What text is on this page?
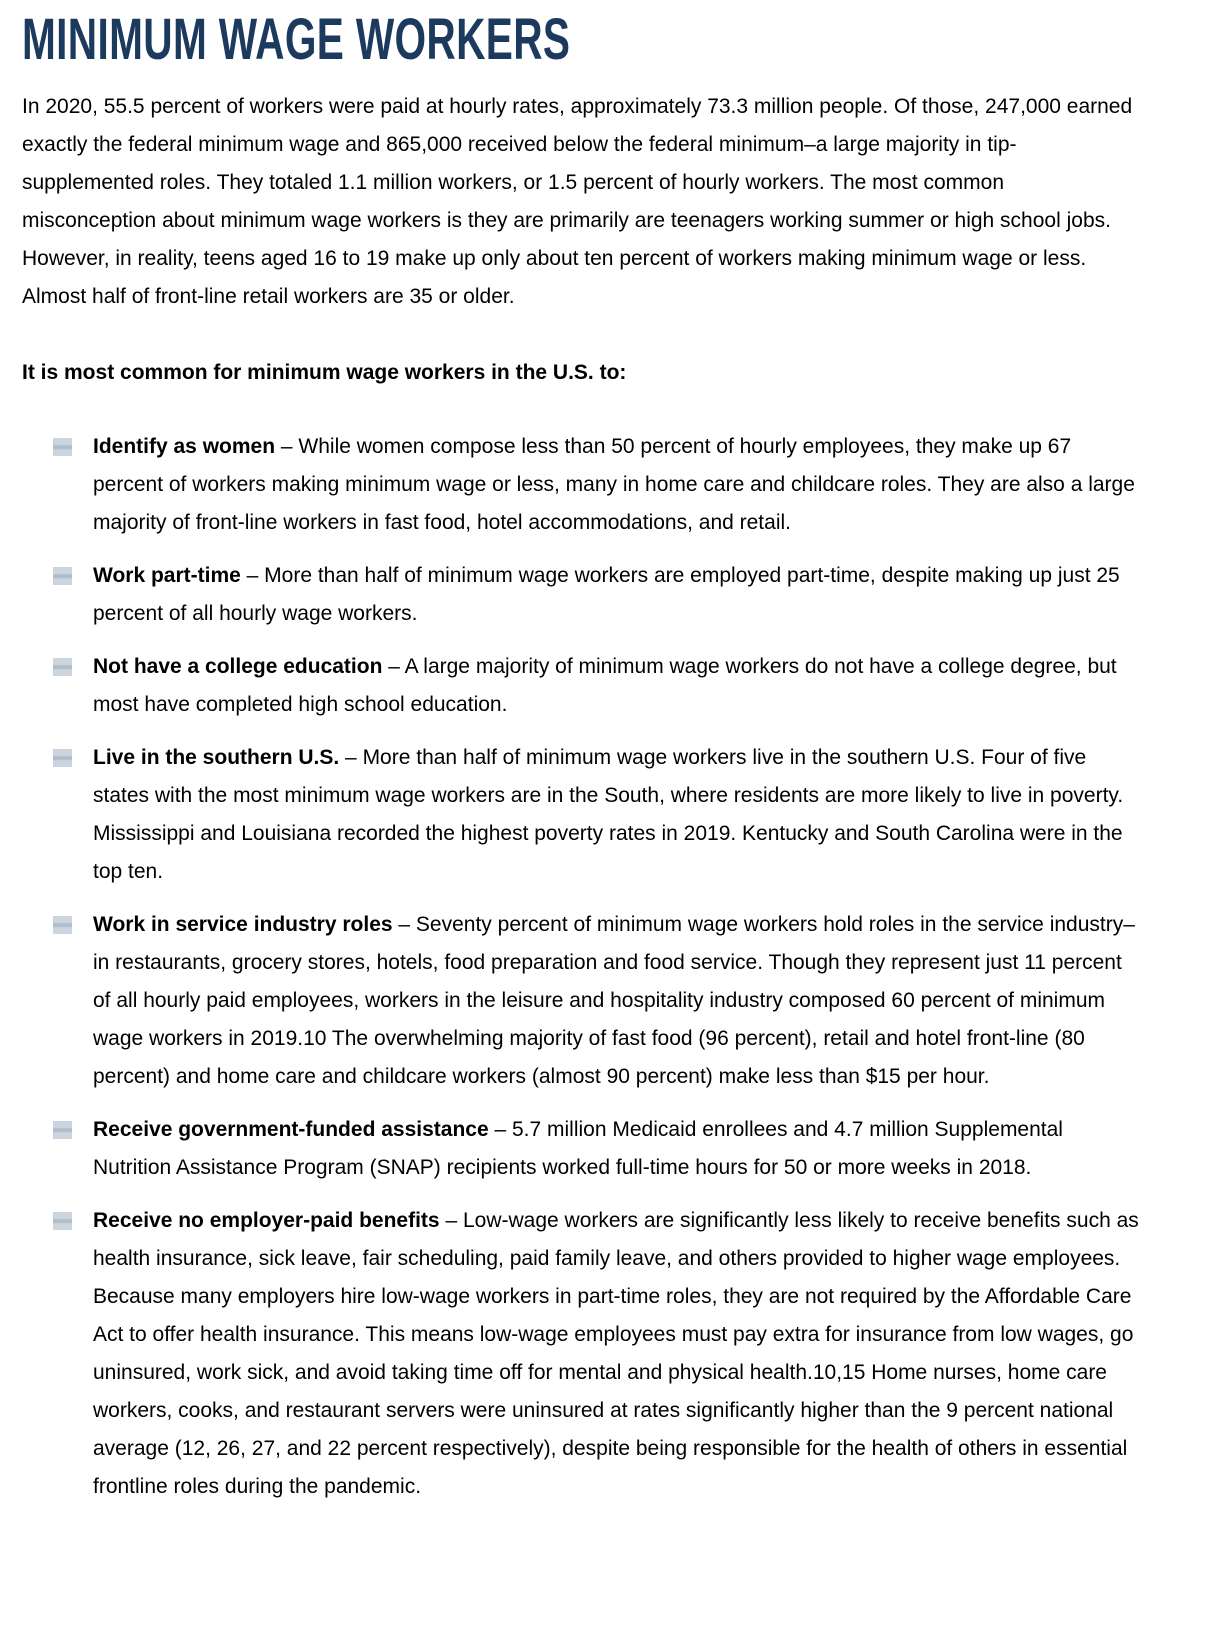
MINIMUM WAGE WORKERS

In 2020, 55.5 percent of workers were paid at hourly rates, approximately 73.3 million people. Of those, 247,000 earned exactly the federal minimum wage and 865,000 received below the federal minimum–a large majority in tip-supplemented roles. They totaled 1.1 million workers, or 1.5 percent of hourly workers. The most common misconception about minimum wage workers is they are primarily are teenagers working summer or high school jobs. However, in reality, teens aged 16 to 19 make up only about ten percent of workers making minimum wage or less. Almost half of front-line retail workers are 35 or older.

It is most common for minimum wage workers in the U.S. to:

Identify as women – While women compose less than 50 percent of hourly employees, they make up 67 percent of workers making minimum wage or less, many in home care and childcare roles. They are also a large majority of front-line workers in fast food, hotel accommodations, and retail.
Work part-time – More than half of minimum wage workers are employed part-time, despite making up just 25 percent of all hourly wage workers.
Not have a college education – A large majority of minimum wage workers do not have a college degree, but most have completed high school education.
Live in the southern U.S. – More than half of minimum wage workers live in the southern U.S. Four of five states with the most minimum wage workers are in the South, where residents are more likely to live in poverty. Mississippi and Louisiana recorded the highest poverty rates in 2019. Kentucky and South Carolina were in the top ten.
Work in service industry roles – Seventy percent of minimum wage workers hold roles in the service industry–in restaurants, grocery stores, hotels, food preparation and food service. Though they represent just 11 percent of all hourly paid employees, workers in the leisure and hospitality industry composed 60 percent of minimum wage workers in 2019.10 The overwhelming majority of fast food (96 percent), retail and hotel front-line (80 percent) and home care and childcare workers (almost 90 percent) make less than $15 per hour.
Receive government-funded assistance – 5.7 million Medicaid enrollees and 4.7 million Supplemental Nutrition Assistance Program (SNAP) recipients worked full-time hours for 50 or more weeks in 2018.
Receive no employer-paid benefits – Low-wage workers are significantly less likely to receive benefits such as health insurance, sick leave, fair scheduling, paid family leave, and others provided to higher wage employees. Because many employers hire low-wage workers in part-time roles, they are not required by the Affordable Care Act to offer health insurance. This means low-wage employees must pay extra for insurance from low wages, go uninsured, work sick, and avoid taking time off for mental and physical health.10,15 Home nurses, home care workers, cooks, and restaurant servers were uninsured at rates significantly higher than the 9 percent national average (12, 26, 27, and 22 percent respectively), despite being responsible for the health of others in essential frontline roles during the pandemic.
